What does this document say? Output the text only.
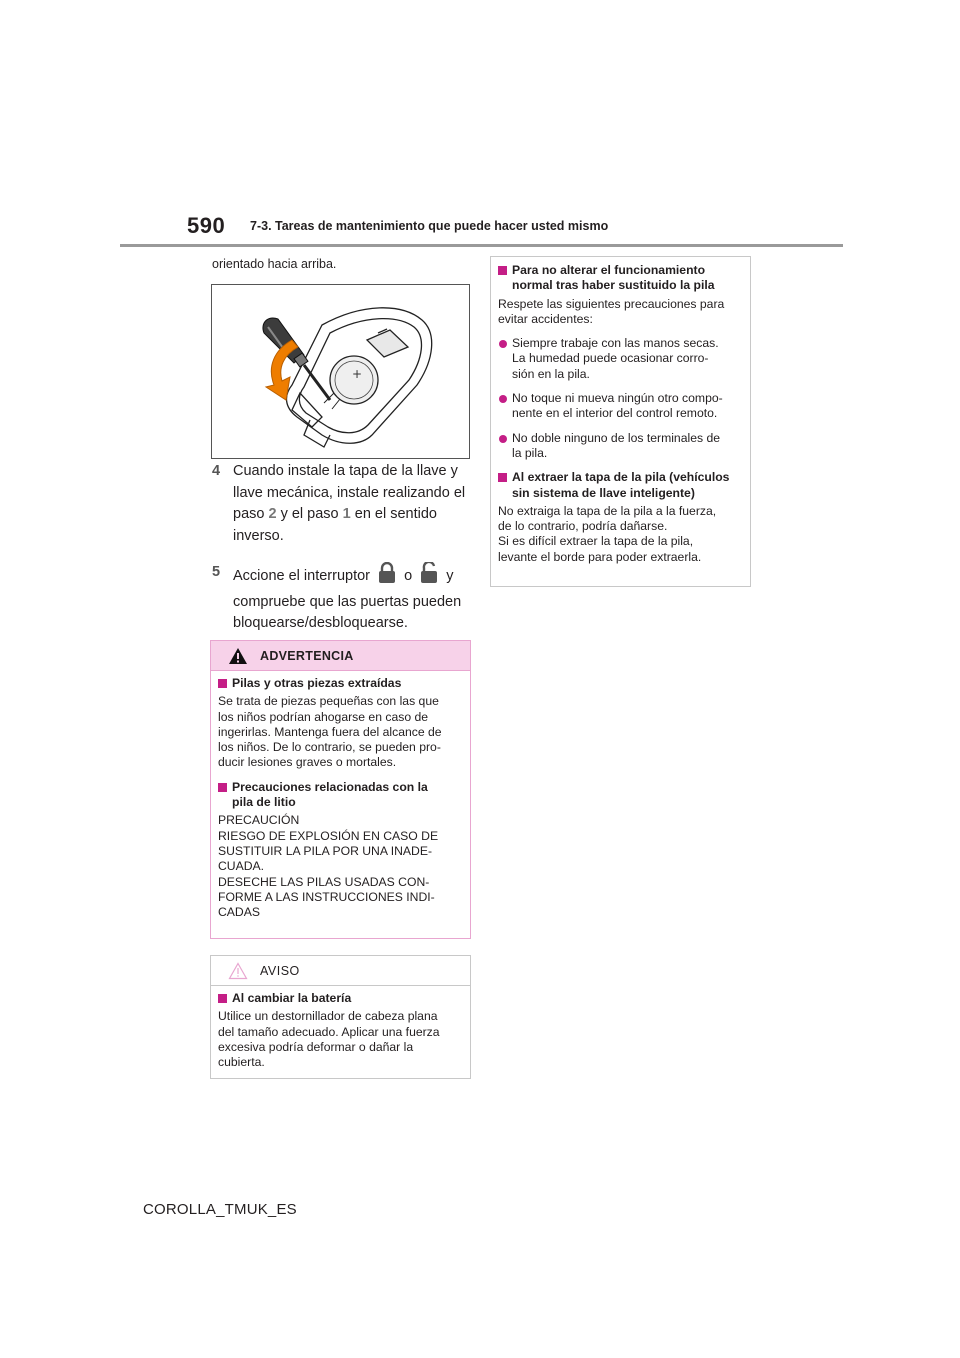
590 7-3. Tareas de mantenimiento que puede hacer usted mismo
orientado hacia arriba.
+
4 Cuando instale la tapa de la llave y
llave mecánica, instale realizando el
paso 2 y el paso 1 en el sentido
inverso.
5 Accione el interruptor o y
compruebe que las puertas pueden
bloquearse/desbloquearse.
ADVERTENCIA
Pilas y otras piezas extraídas
Se trata de piezas pequeñas con las que
los niños podrían ahogarse en caso de
ingerirlas. Mantenga fuera del alcance de
los niños. De lo contrario, se pueden pro-
ducir lesiones graves o mortales.
Precauciones relacionadas con la
pila de litio
PRECAUCIÓN
RIESGO DE EXPLOSIÓN EN CASO DE
SUSTITUIR LA PILA POR UNA INADE-
CUADA.
DESECHE LAS PILAS USADAS CON-
FORME A LAS INSTRUCCIONES INDI-
CADAS
AVISO
Al cambiar la batería
Utilice un destornillador de cabeza plana
del tamaño adecuado. Aplicar una fuerza
excesiva podría deformar o dañar la
cubierta.
Para no alterar el funcionamiento
normal tras haber sustituido la pila
Respete las siguientes precauciones para
evitar accidentes:
Siempre trabaje con las manos secas.
La humedad puede ocasionar corro-
sión en la pila.
No toque ni mueva ningún otro compo-
nente en el interior del control remoto.
No doble ninguno de los terminales de
la pila.
Al extraer la tapa de la pila (vehículos
sin sistema de llave inteligente)
No extraiga la tapa de la pila a la fuerza,
de lo contrario, podría dañarse.
Si es difícil extraer la tapa de la pila,
levante el borde para poder extraerla.
COROLLA_TMUK_ES
